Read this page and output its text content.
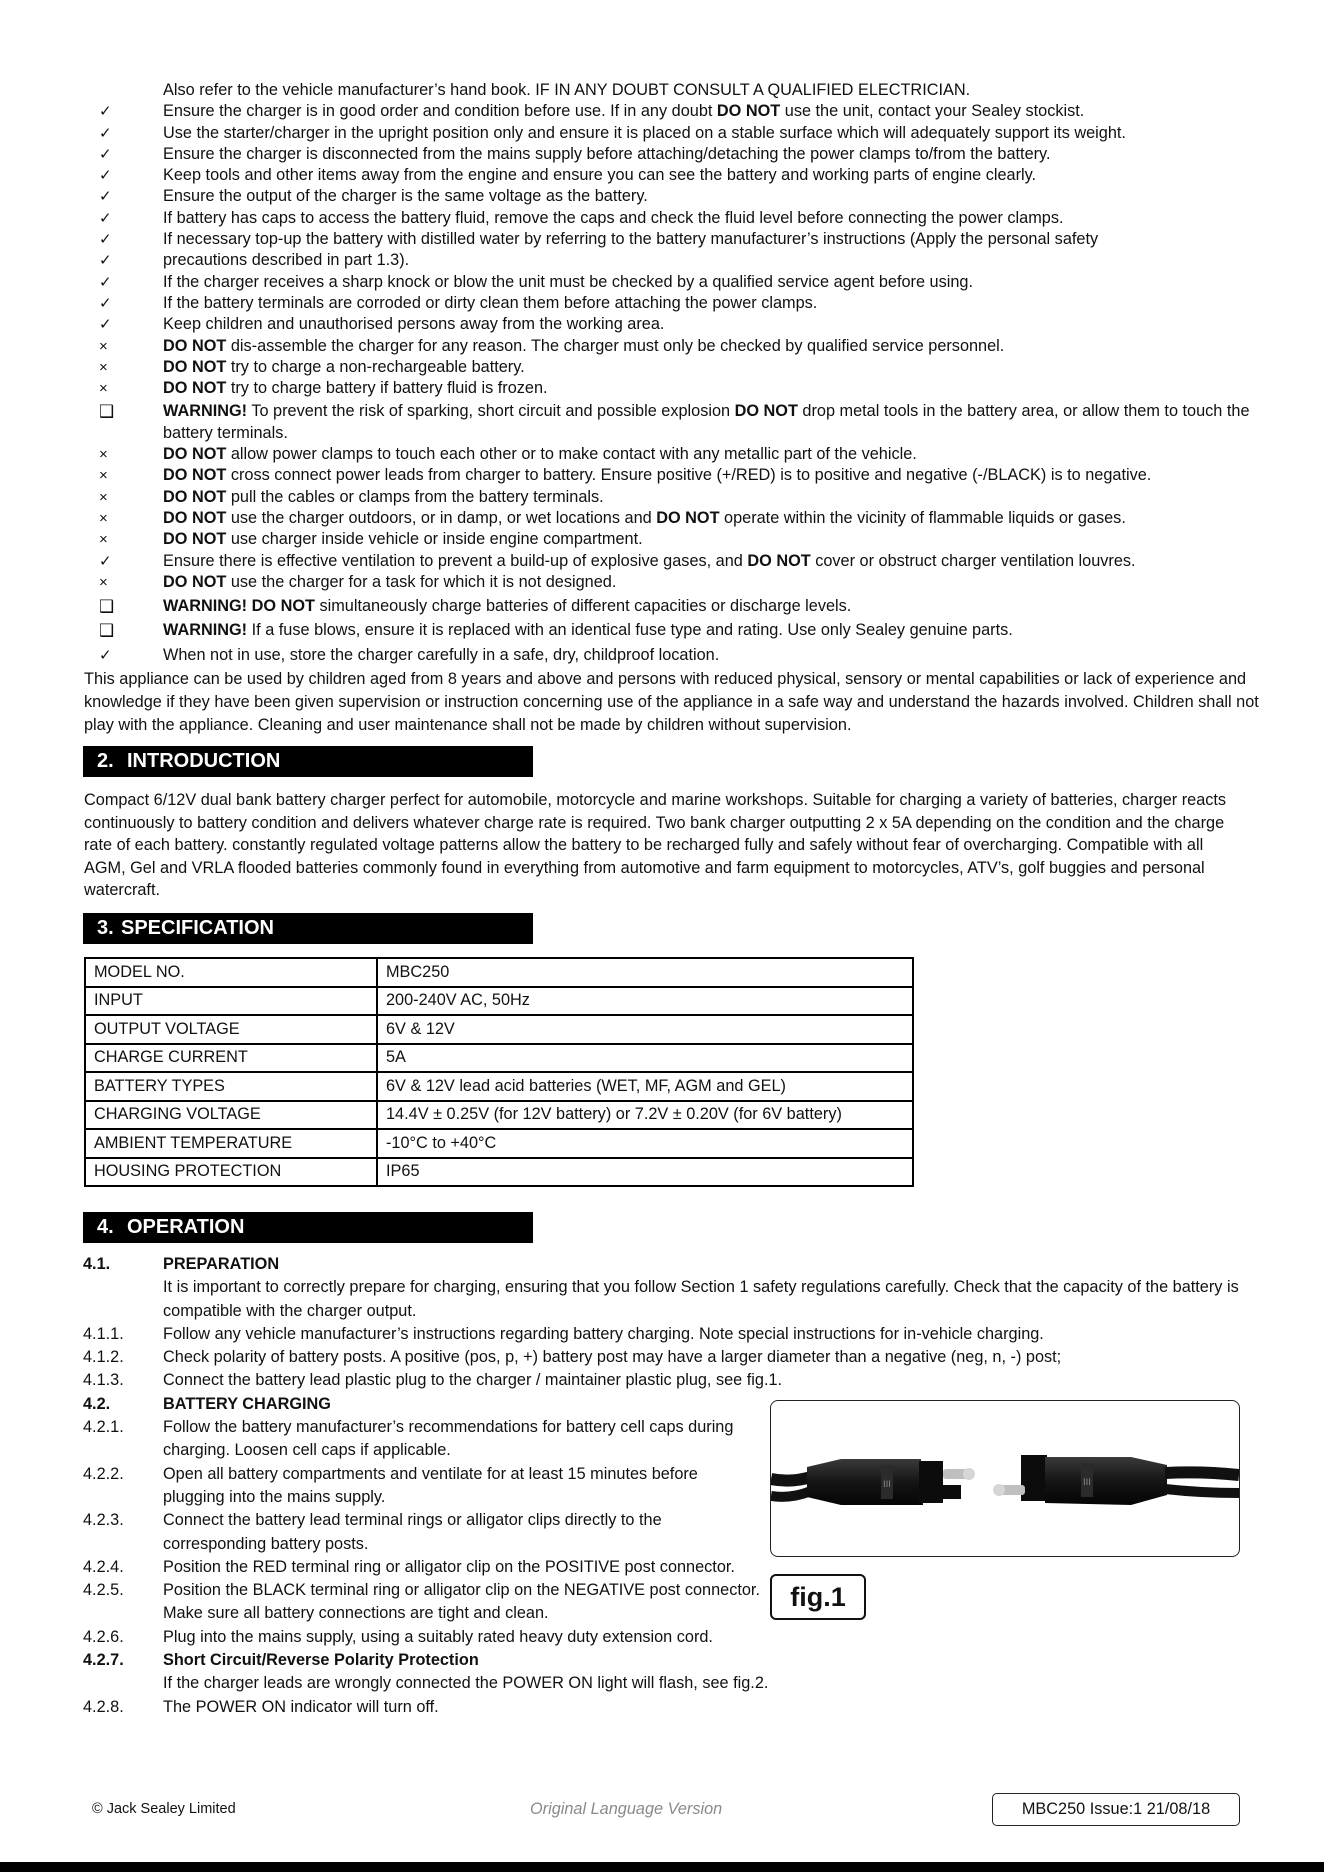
Also refer to the vehicle manufacturer’s hand book. IF IN ANY DOUBT CONSULT A QUALIFIED ELECTRICIAN.
✓	Ensure the charger is in good order and condition before use. If in any doubt DO NOT use the unit, contact your Sealey stockist.
✓	Use the starter/charger in the upright position only and ensure it is placed on a stable surface which will adequately support its weight.
✓	Ensure the charger is disconnected from the mains supply before attaching/detaching the power clamps to/from the battery.
✓	Keep tools and other items away from the engine and ensure you can see the battery and working parts of engine clearly.
✓	Ensure the output of the charger is the same voltage as the battery.
✓	If battery has caps to access the battery fluid, remove the caps and check the fluid level before connecting the power clamps.
✓	If necessary top-up the battery with distilled water by referring to the battery manufacturer’s instructions (Apply the personal safety
✓	precautions described in part 1.3).
✓	If the charger receives a sharp knock or blow the unit must be checked by a qualified service agent before using.
✓	If the battery terminals are corroded or dirty clean them before attaching the power clamps.
✓	Keep children and unauthorised persons away from the working area.
×	DO NOT dis-assemble the charger for any reason. The charger must only be checked by qualified service personnel.
×	DO NOT try to charge a non-rechargeable battery.
×	DO NOT try to charge battery if battery fluid is frozen.
❑	WARNING! To prevent the risk of sparking, short circuit and possible explosion DO NOT drop metal tools in the battery area, or allow them to touch the battery terminals.
×	DO NOT allow power clamps to touch each other or to make contact with any metallic part of the vehicle.
×	DO NOT cross connect power leads from charger to battery. Ensure positive (+/RED) is to positive and negative (-/BLACK) is to negative.
×	DO NOT pull the cables or clamps from the battery terminals.
×	DO NOT use the charger outdoors, or in damp, or wet locations and DO NOT operate within the vicinity of flammable liquids or gases.
×	DO NOT use charger inside vehicle or inside engine compartment.
✓	Ensure there is effective ventilation to prevent a build-up of explosive gases, and DO NOT cover or obstruct charger ventilation louvres.
×	DO NOT use the charger for a task for which it is not designed.
❑	WARNING! DO NOT simultaneously charge batteries of different capacities or discharge levels.
❑	WARNING! If a fuse blows, ensure it is replaced with an identical fuse type and rating. Use only Sealey genuine parts.
✓	When not in use, store the charger carefully in a safe, dry, childproof location.
This appliance can be used by children aged from 8 years and above and persons with reduced physical, sensory or mental capabilities or lack of experience and knowledge if they have been given supervision or instruction concerning use of the appliance in a safe way and understand the hazards involved. Children shall not play with the appliance. Cleaning and user maintenance shall not be made by children without supervision.
2. INTRODUCTION
Compact 6/12V dual bank battery charger perfect for automobile, motorcycle and marine workshops. Suitable for charging a variety of batteries, charger reacts continuously to battery condition and delivers whatever charge rate is required. Two bank charger outputting 2 x 5A depending on the condition and the charge rate of each battery. constantly regulated voltage patterns allow the battery to be recharged fully and safely without fear of overcharging. Compatible with all AGM, Gel and VRLA flooded batteries commonly found in everything from automotive and farm equipment to motorcycles, ATV’s, golf buggies and personal watercraft.
3. SPECIFICATION
MODEL NO.	MBC250
INPUT	200-240V AC, 50Hz
OUTPUT VOLTAGE	6V & 12V
CHARGE CURRENT	5A
BATTERY TYPES	6V & 12V lead acid batteries (WET, MF, AGM and GEL)
CHARGING VOLTAGE	14.4V ± 0.25V (for 12V battery) or 7.2V ± 0.20V (for 6V battery)
AMBIENT TEMPERATURE	-10°C to +40°C
HOUSING PROTECTION	IP65
4. OPERATION
4.1.	PREPARATION
It is important to correctly prepare for charging, ensuring that you follow Section 1 safety regulations carefully. Check that the capacity of the battery is compatible with the charger output.
4.1.1.	Follow any vehicle manufacturer’s instructions regarding battery charging. Note special instructions for in-vehicle charging.
4.1.2.	Check polarity of battery posts. A positive (pos, p, +) battery post may have a larger diameter than a negative (neg, n, -) post;
4.1.3.	Connect the battery lead plastic plug to the charger / maintainer plastic plug, see fig.1.
4.2.	BATTERY CHARGING
4.2.1.	Follow the battery manufacturer’s recommendations for battery cell caps during charging. Loosen cell caps if applicable.
4.2.2.	Open all battery compartments and ventilate for at least 15 minutes before plugging into the mains supply.
4.2.3.	Connect the battery lead terminal rings or alligator clips directly to the corresponding battery posts.
4.2.4.	Position the RED terminal ring or alligator clip on the POSITIVE post connector.
4.2.5.	Position the BLACK terminal ring or alligator clip on the NEGATIVE post connector. Make sure all battery connections are tight and clean.
4.2.6.	Plug into the mains supply, using a suitably rated heavy duty extension cord.
4.2.7.	Short Circuit/Reverse Polarity Protection
If the charger leads are wrongly connected the POWER ON light will flash, see fig.2.
4.2.8.	The POWER ON indicator will turn off.
III	III
fig.1
© Jack Sealey Limited	Original Language Version	MBC250 Issue:1 21/08/18
